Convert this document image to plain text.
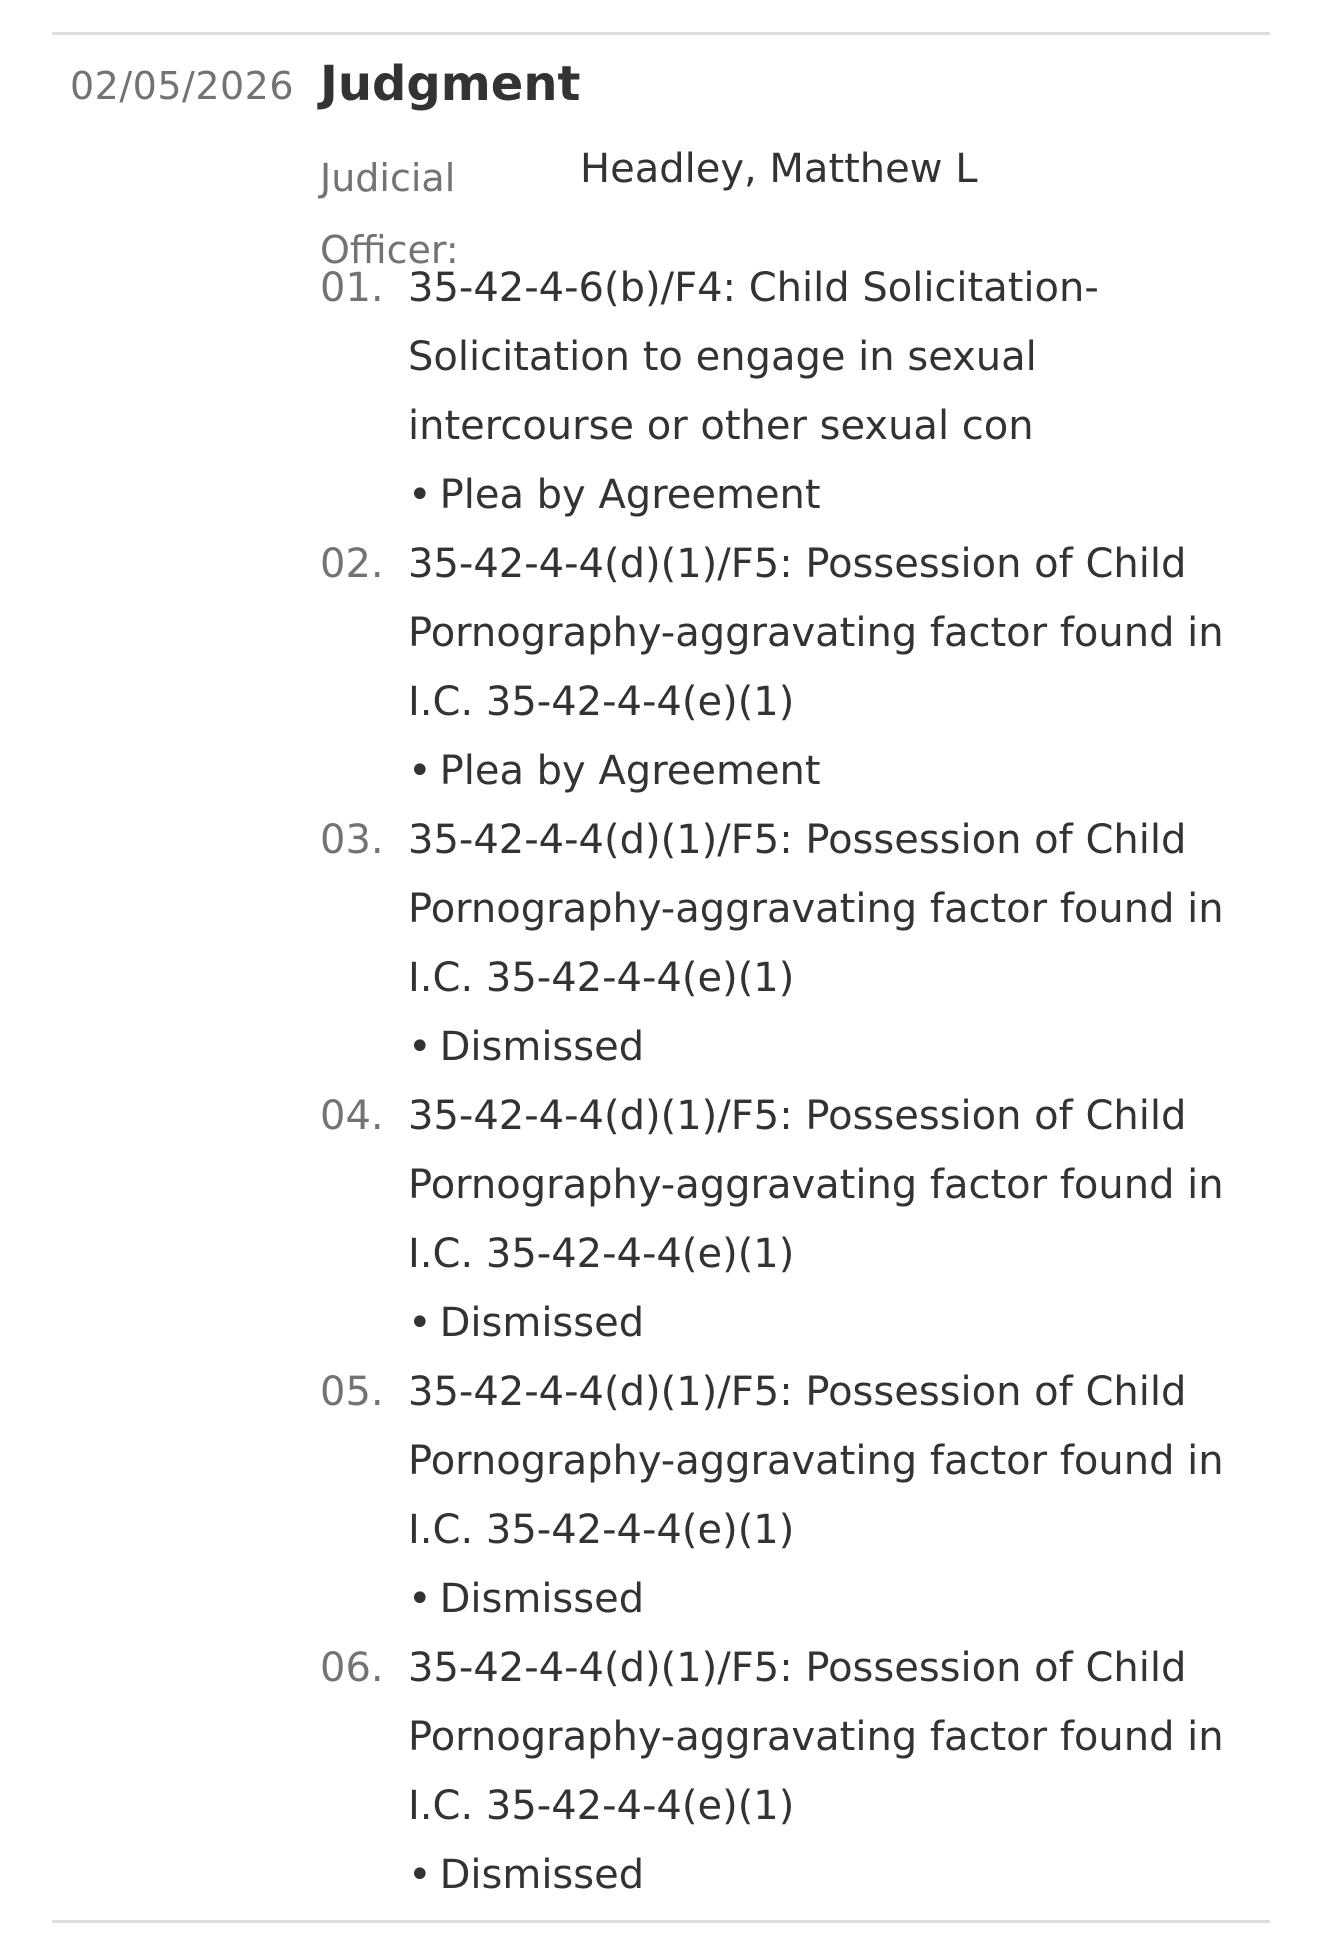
02/05/2026 Judgment
Judicial Officer:
Headley, Matthew L
01. 35-42-4-6(b)/F4: Child Solicitation-Solicitation to engage in sexual intercourse or other sexual con
• Plea by Agreement
02. 35-42-4-4(d)(1)/F5: Possession of Child Pornography-aggravating factor found in I.C. 35-42-4-4(e)(1)
• Plea by Agreement
03. 35-42-4-4(d)(1)/F5: Possession of Child Pornography-aggravating factor found in I.C. 35-42-4-4(e)(1)
• Dismissed
04. 35-42-4-4(d)(1)/F5: Possession of Child Pornography-aggravating factor found in I.C. 35-42-4-4(e)(1)
• Dismissed
05. 35-42-4-4(d)(1)/F5: Possession of Child Pornography-aggravating factor found in I.C. 35-42-4-4(e)(1)
• Dismissed
06. 35-42-4-4(d)(1)/F5: Possession of Child Pornography-aggravating factor found in I.C. 35-42-4-4(e)(1)
• Dismissed
